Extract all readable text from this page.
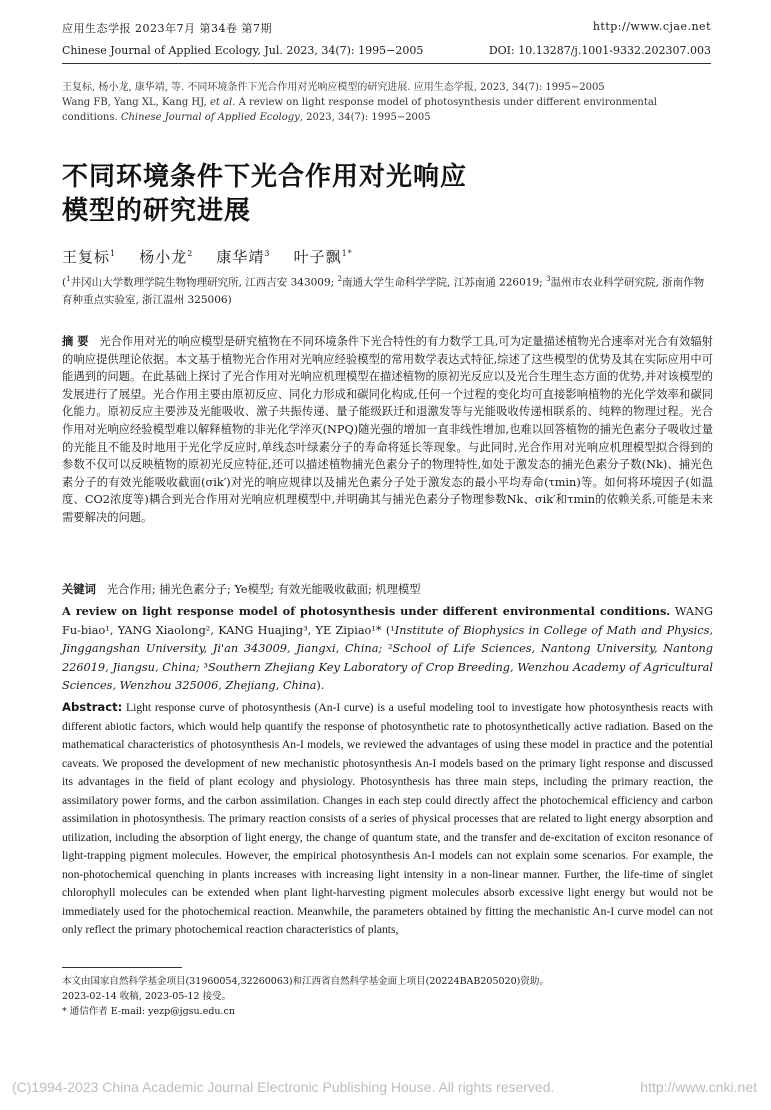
应用生态学报 2023年7月 第34卷 第7期	http://www.cjae.net
Chinese Journal of Applied Ecology, Jul. 2023, 34(7): 1995−2005	DOI: 10.13287/j.1001-9332.202307.003
王复标, 杨小龙, 康华靖, 等. 不同环境条件下光合作用对光响应模型的研究进展. 应用生态学报, 2023, 34(7): 1995−2005
Wang FB, Yang XL, Kang HJ, et al. A review on light response model of photosynthesis under different environmental conditions. Chinese Journal of Applied Ecology, 2023, 34(7): 1995−2005
不同环境条件下光合作用对光响应
模型的研究进展
王复标$^1$ 杨小龙$^2$ 康华靖$^3$ 叶子飘$^{1*}$
($^1$井冈山大学数理学院生物物理研究所, 江西吉安 343009; $^2$南通大学生命科学学院, 江苏南通 226019; $^3$温州市农业科学研究院, 浙南作物育种重点实验室, 浙江温州 325006)
摘 要 光合作用对光的响应模型是研究植物在不同环境条件下光合特性的有力数学工具,可为定量描述植物光合速率对光合有效辐射的响应提供理论依据。本文基于植物光合作用对光响应经验模型的常用数学表达式特征,综述了这些模型的优势及其在实际应用中可能遇到的问题。在此基础上探讨了光合作用对光响应机理模型在描述植物的原初光反应以及光合生理生态方面的优势,并对该模型的发展进行了展望。光合作用主要由原初反应、同化力形成和碳同化构成,任何一个过程的变化均可直接影响植物的光化学效率和碳同化能力。原初反应主要涉及光能吸收、激子共振传递、量子能级跃迁和退激发等与光能吸收传递相联系的、纯粹的物理过程。光合作用对光响应经验模型难以解释植物的非光化学淬灭(NPQ)随光强的增加一直非线性增加,也难以回答植物的捕光色素分子吸收过量的光能且不能及时地用于光化学反应时,单线态叶绿素分子的寿命将延长等现象。与此同时,光合作用对光响应机理模型拟合得到的参数不仅可以反映植物的原初光反应特征,还可以描述植物捕光色素分子的物理特性,如处于激发态的捕光色素分子数(Nk)、捕光色素分子的有效光能吸收截面(σik′)对光的响应规律以及捕光色素分子处于激发态的最小平均寿命(τmin)等。如何将环境因子(如温度、CO2浓度等)耦合到光合作用对光响应机理模型中,并明确其与捕光色素分子物理参数Nk、σik′和τmin的依赖关系,可能是未来需要解决的问题。
关键词 光合作用; 捕光色素分子; Ye模型; 有效光能吸收截面; 机理模型
A review on light response model of photosynthesis under different environmental conditions. WANG Fu-biao¹, YANG Xiaolong², KANG Huajing³, YE Zipiao¹* (¹Institute of Biophysics in College of Math and Physics, Jinggangshan University, Ji'an 343009, Jiangxi, China; ²School of Life Sciences, Nantong University, Nantong 226019, Jiangsu, China; ³Southern Zhejiang Key Laboratory of Crop Breeding, Wenzhou Academy of Agricultural Sciences, Wenzhou 325006, Zhejiang, China).
Abstract: Light response curve of photosynthesis (An-I curve) is a useful modeling tool to investigate how photosynthesis reacts with different abiotic factors, which would help quantify the response of photosynthetic rate to photosynthetically active radiation. Based on the mathematical characteristics of photosynthesis An-I models, we reviewed the advantages of using these model in practice and the potential caveats. We proposed the development of new mechanistic photosynthesis An-I models based on the primary light response and discussed its advantages in the field of plant ecology and physiology. Photosynthesis has three main steps, including the primary reaction, the assimilatory power forms, and the carbon assimilation. Changes in each step could directly affect the photochemical efficiency and carbon assimilation in photosynthesis. The primary reaction consists of a series of physical processes that are related to light energy absorption and utilization, including the absorption of light energy, the change of quantum state, and the transfer and de-excitation of exciton resonance of light-trapping pigment molecules. However, the empirical photosynthesis An-I models can not explain some scenarios. For example, the non-photochemical quenching in plants increases with increasing light intensity in a non-linear manner. Further, the life-time of singlet chlorophyll molecules can be extended when plant light-harvesting pigment molecules absorb excessive light energy but would not be immediately used for the photochemical reaction. Meanwhile, the parameters obtained by fitting the mechanistic An-I curve model can not only reflect the primary photochemical reaction characteristics of plants,
本文由国家自然科学基金项目(31960054,32260063)和江西省自然科学基金面上项目(20224BAB205020)资助。
2023-02-14 收稿, 2023-05-12 接受。
* 通信作者 E-mail: yezp@jgsu.edu.cn
(C)1994-2023 China Academic Journal Electronic Publishing House. All rights reserved.	http://www.cnki.net
